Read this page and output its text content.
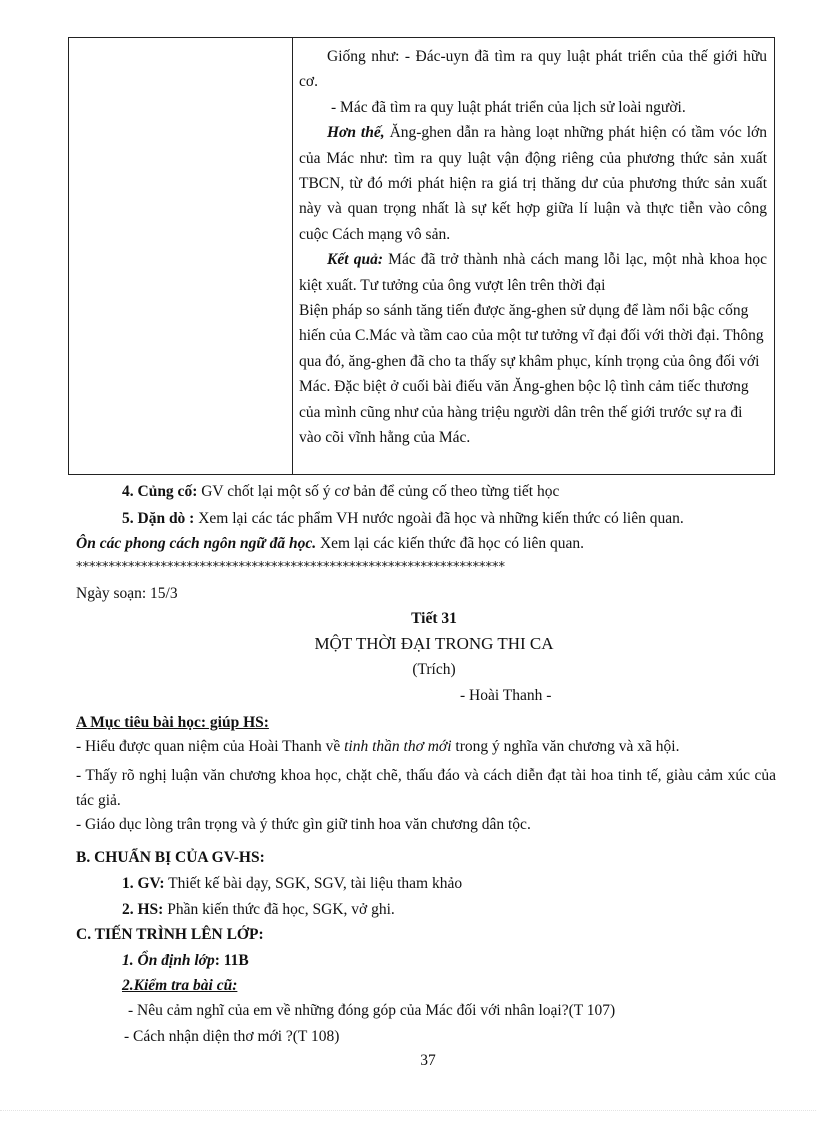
Giống như: - Đác-uyn đã tìm ra quy luật phát triển của thế giới hữu cơ.

- Mác đã tìm ra quy luật phát triển của lịch sử loài người.

Hơn thế, Ăng-ghen dẫn ra hàng loạt những phát hiện có tầm vóc lớn của Mác như: tìm ra quy luật vận động riêng của phương thức sản xuất TBCN, từ đó mới phát hiện ra giá trị thăng dư của phương thức sản xuất này và quan trọng nhất là sự kết hợp giữa lí luận và thực tiễn vào công cuộc Cách mạng vô sản.

Kết quả: Mác đã trở thành nhà cách mang lỗi lạc, một nhà khoa học kiệt xuất. Tư tưởng của ông vượt lên trên thời đại

Biện pháp so sánh tăng tiến được ăng-ghen sử dụng để làm nổi bậc cống hiến của C.Mác và tầm cao của một tư tưởng vĩ đại đối với thời đại. Thông qua đó, ăng-ghen đã cho ta thấy sự khâm phục, kính trọng của ông đối với Mác. Đặc biệt ở cuối bài điếu văn Ăng-ghen bộc lộ tình cảm tiếc thương của mình cũng như của hàng triệu người dân trên thế giới trước sự ra đi vào cõi vĩnh hằng của Mác.

4. Củng cố: GV chốt lại một số ý cơ bản để củng cố theo từng tiết học
5. Dặn dò : Xem lại các tác phẩm VH nước ngoài đã học và những kiến thức có liên quan.
Ôn các phong cách ngôn ngữ đã học. Xem lại các kiến thức đã học có liên quan.
******************************************************************
Ngày soạn: 15/3
Tiết 31
MỘT THỜI ĐẠI TRONG THI CA
(Trích)
- Hoài Thanh -
A Mục tiêu bài học: giúp HS:
- Hiểu được quan niệm của Hoài Thanh về tinh thần thơ mới trong ý nghĩa văn chương và xã hội.
- Thấy rõ nghị luận văn chương khoa học, chặt chẽ, thấu đáo và cách diễn đạt tài hoa tinh tế, giàu cảm xúc của tác giả.
- Giáo dục lòng trân trọng và ý thức gìn giữ tinh hoa văn chương dân tộc.
B. CHUẨN BỊ CỦA GV-HS:
1. GV: Thiết kế bài dạy, SGK, SGV, tài liệu tham khảo
2. HS: Phần kiến thức đã học, SGK, vở ghi.
C. TIẾN TRÌNH LÊN LỚP:
1. Ổn định lớp: 11B
2.Kiểm tra bài cũ:
- Nêu cảm nghĩ của em về những đóng góp của Mác đối với nhân loại?(T 107)
- Cách nhận diện thơ mới ?(T 108)
37
